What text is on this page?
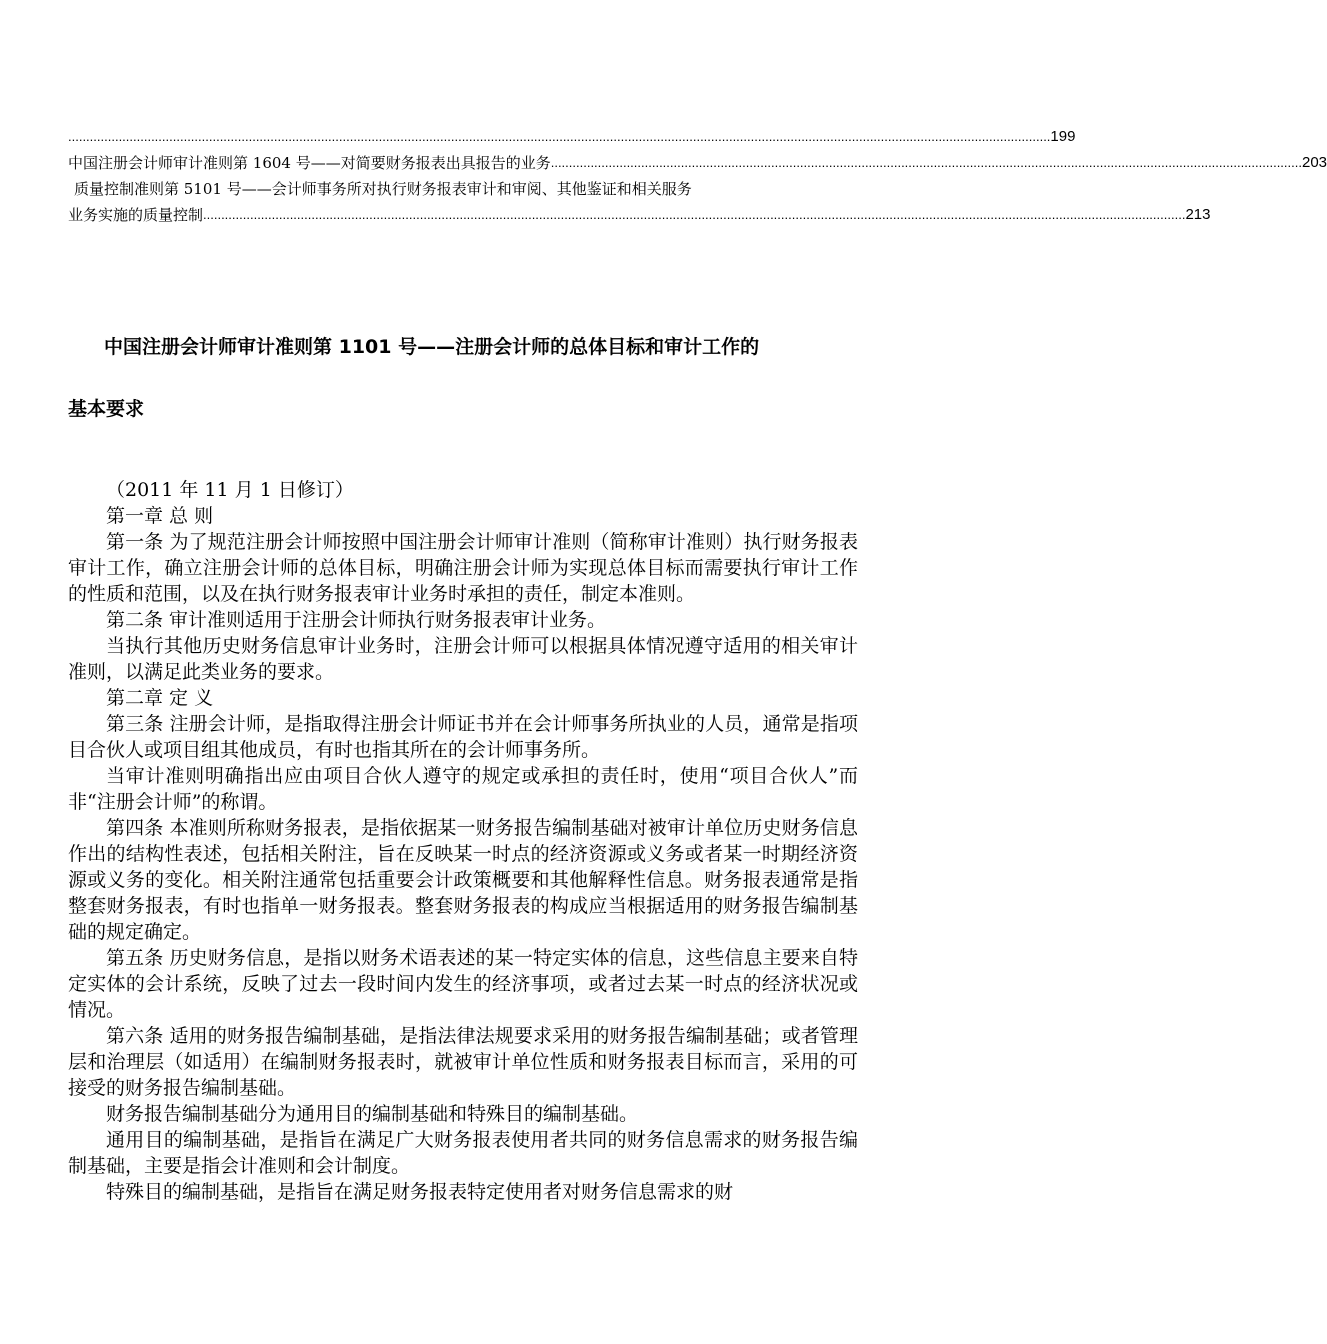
................................................................................................................................................................................................................................................................................ 199
中国注册会计师审计准则第 1604 号——对简要财务报表出具报告的业务 ................................................................................................................................................................................................................ 203
质量控制准则第 5101 号——会计师事务所对执行财务报表审计和审阅、其他鉴证和相关服务
业务实施的质量控制 ................................................................................................................................................................................................................................................................................ 213
中国注册会计师审计准则第 1101 号——注册会计师的总体目标和审计工作的
基本要求

（2011 年 11 月 1 日修订）

第一章 总 则

第一条 为了规范注册会计师按照中国注册会计师审计准则（简称审计准则）执行财务报表审计工作，确立注册会计师的总体目标，明确注册会计师为实现总体目标而需要执行审计工作的性质和范围，以及在执行财务报表审计业务时承担的责任，制定本准则。

第二条 审计准则适用于注册会计师执行财务报表审计业务。

当执行其他历史财务信息审计业务时，注册会计师可以根据具体情况遵守适用的相关审计准则，以满足此类业务的要求。

第二章 定 义

第三条 注册会计师，是指取得注册会计师证书并在会计师事务所执业的人员，通常是指项目合伙人或项目组其他成员，有时也指其所在的会计师事务所。

当审计准则明确指出应由项目合伙人遵守的规定或承担的责任时，使用“项目合伙人”而非“注册会计师”的称谓。

第四条 本准则所称财务报表，是指依据某一财务报告编制基础对被审计单位历史财务信息作出的结构性表述，包括相关附注，旨在反映某一时点的经济资源或义务或者某一时期经济资源或义务的变化。相关附注通常包括重要会计政策概要和其他解释性信息。财务报表通常是指整套财务报表，有时也指单一财务报表。整套财务报表的构成应当根据适用的财务报告编制基础的规定确定。

第五条 历史财务信息，是指以财务术语表述的某一特定实体的信息，这些信息主要来自特定实体的会计系统，反映了过去一段时间内发生的经济事项，或者过去某一时点的经济状况或情况。

第六条 适用的财务报告编制基础，是指法律法规要求采用的财务报告编制基础；或者管理层和治理层（如适用）在编制财务报表时，就被审计单位性质和财务报表目标而言，采用的可接受的财务报告编制基础。

财务报告编制基础分为通用目的编制基础和特殊目的编制基础。

通用目的编制基础，是指旨在满足广大财务报表使用者共同的财务信息需求的财务报告编制基础，主要是指会计准则和会计制度。

特殊目的编制基础，是指旨在满足财务报表特定使用者对财务信息需求的财
